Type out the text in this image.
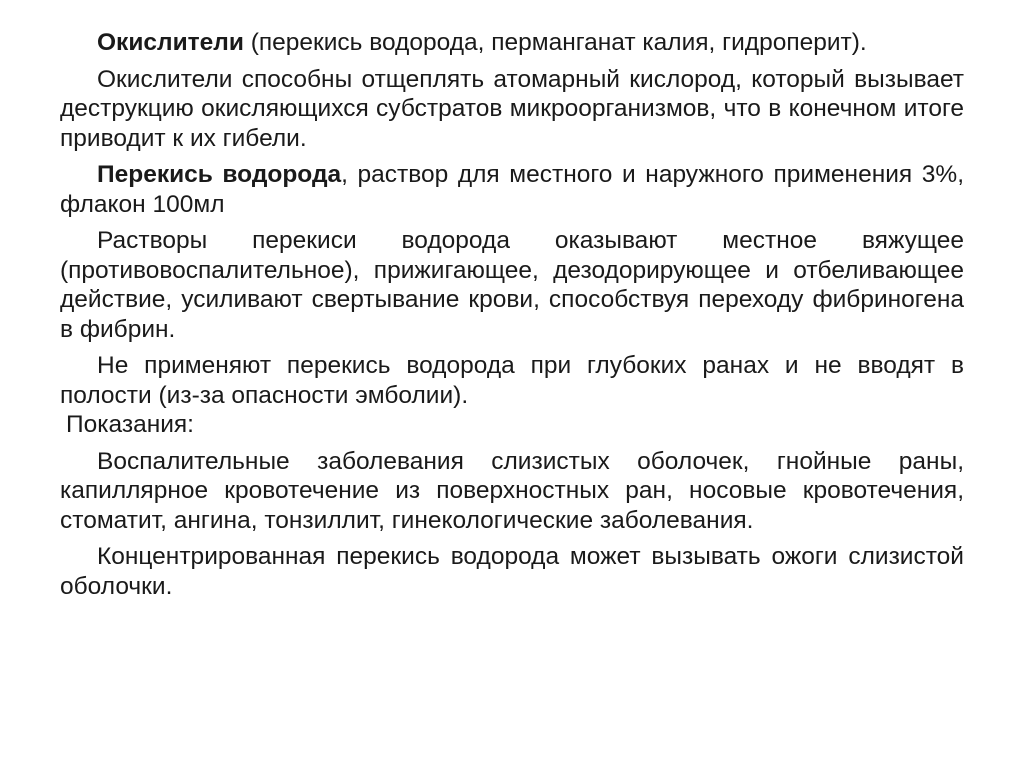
Окислители (перекись водорода, перманганат калия, гидроперит).

Окислители способны отщеплять атомарный кислород, который вызывает деструкцию окисляющихся субстратов микроорганизмов, что в конечном итоге приводит к их гибели.

Перекись водорода, раствор для местного и наружного применения 3%, флакон 100мл

Растворы перекиси водорода оказывают местное вяжущее (противовоспалительное), прижигающее, дезодорирующее и отбеливающее действие, усиливают свертывание крови, способствуя переходу фибриногена в фибрин.

Не применяют перекись водорода при глубоких ранах и не вводят в полости (из-за опасности эмболии).

Показания:

Воспалительные заболевания слизистых оболочек, гнойные раны, капиллярное кровотечение из поверхностных ран, носовые кровотечения, стоматит, ангина, тонзиллит, гинекологические заболевания.

Концентрированная перекись водорода может вызывать ожоги слизистой оболочки.
